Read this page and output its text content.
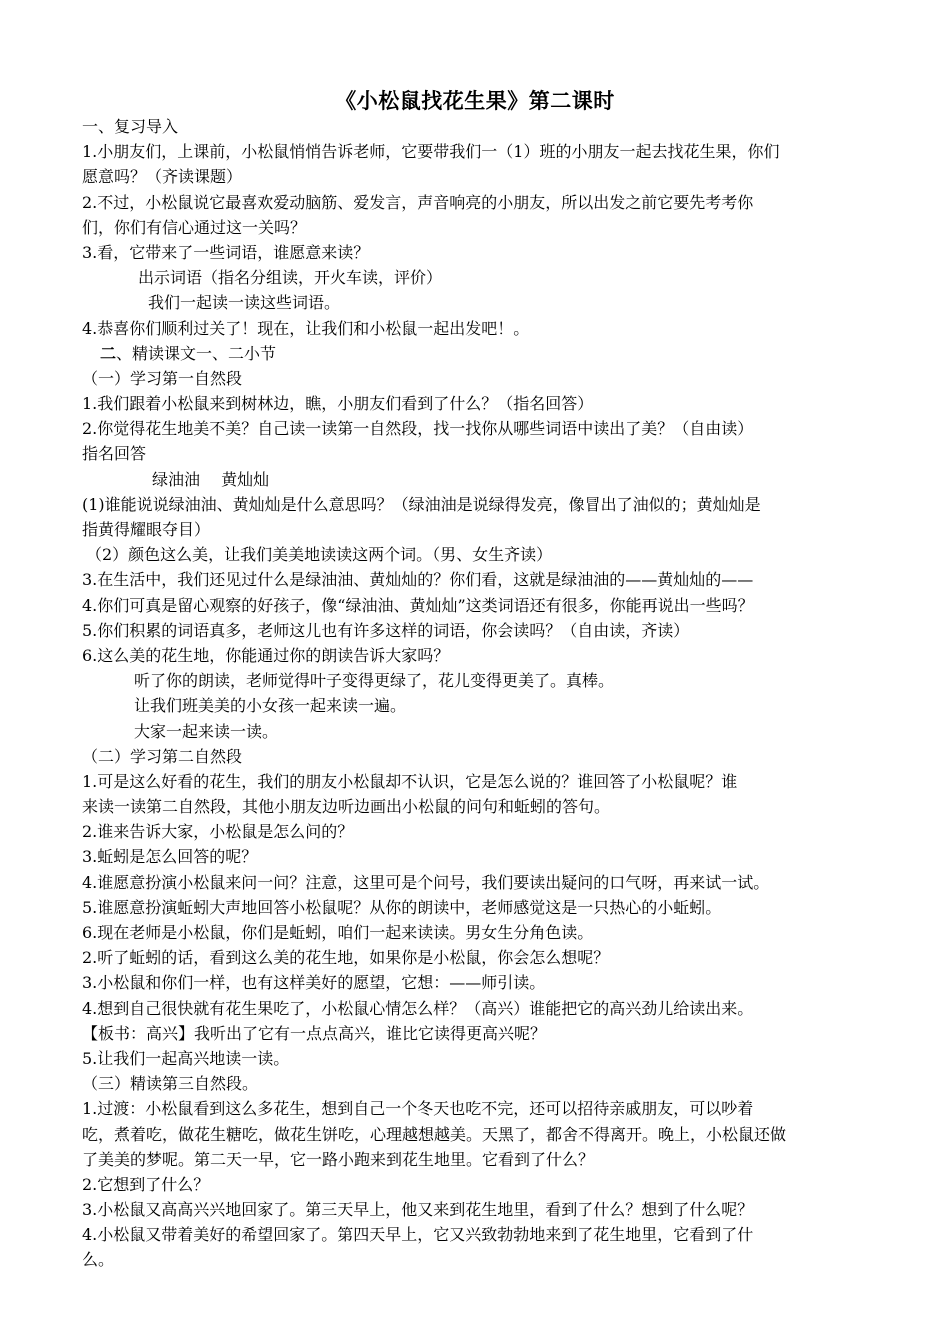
《小松鼠找花生果》第二课时
一、复习导入
1.小朋友们，上课前，小松鼠悄悄告诉老师，它要带我们一（1）班的小朋友一起去找花生果，你们
愿意吗？（齐读课题）
2.不过，小松鼠说它最喜欢爱动脑筋、爱发言，声音响亮的小朋友，所以出发之前它要先考考你
们，你们有信心通过这一关吗？
3.看，它带来了一些词语，谁愿意来读？
出示词语（指名分组读，开火车读，评价）
我们一起读一读这些词语。
4.恭喜你们顺利过关了！现在，让我们和小松鼠一起出发吧！。
二、精读课文一、二小节
（一）学习第一自然段
1.我们跟着小松鼠来到树林边，瞧，小朋友们看到了什么？（指名回答）
2.你觉得花生地美不美？自己读一读第一自然段，找一找你从哪些词语中读出了美？（自由读）
指名回答
绿油油　 黄灿灿
(1)谁能说说绿油油、黄灿灿是什么意思吗？（绿油油是说绿得发亮，像冒出了油似的；黄灿灿是
指黄得耀眼夺目）
（2）颜色这么美，让我们美美地读读这两个词。（男、女生齐读）
3.在生活中，我们还见过什么是绿油油、黄灿灿的？你们看，这就是绿油油的——黄灿灿的——
4.你们可真是留心观察的好孩子，像“绿油油、黄灿灿”这类词语还有很多，你能再说出一些吗？
5.你们积累的词语真多，老师这儿也有许多这样的词语，你会读吗？（自由读，齐读）
6.这么美的花生地，你能通过你的朗读告诉大家吗？
听了你的朗读，老师觉得叶子变得更绿了，花儿变得更美了。真棒。
让我们班美美的小女孩一起来读一遍。
大家一起来读一读。
（二）学习第二自然段
1.可是这么好看的花生，我们的朋友小松鼠却不认识，它是怎么说的？谁回答了小松鼠呢？谁
来读一读第二自然段，其他小朋友边听边画出小松鼠的问句和蚯蚓的答句。
2.谁来告诉大家，小松鼠是怎么问的？
3.蚯蚓是怎么回答的呢？
4.谁愿意扮演小松鼠来问一问？注意，这里可是个问号，我们要读出疑问的口气呀，再来试一试。
5.谁愿意扮演蚯蚓大声地回答小松鼠呢？从你的朗读中，老师感觉这是一只热心的小蚯蚓。
6.现在老师是小松鼠，你们是蚯蚓，咱们一起来读读。男女生分角色读。
2.听了蚯蚓的话，看到这么美的花生地，如果你是小松鼠，你会怎么想呢？
3.小松鼠和你们一样，也有这样美好的愿望，它想：——师引读。
4.想到自己很快就有花生果吃了，小松鼠心情怎么样？（高兴）谁能把它的高兴劲儿给读出来。
【板书：高兴】我听出了它有一点点高兴，谁比它读得更高兴呢？
5.让我们一起高兴地读一读。
（三）精读第三自然段。
1.过渡：小松鼠看到这么多花生，想到自己一个冬天也吃不完，还可以招待亲戚朋友，可以吵着
吃，煮着吃，做花生糖吃，做花生饼吃，心理越想越美。天黑了，都舍不得离开。晚上，小松鼠还做
了美美的梦呢。第二天一早，它一路小跑来到花生地里。它看到了什么？
2.它想到了什么？
3.小松鼠又高高兴兴地回家了。第三天早上，他又来到花生地里，看到了什么？想到了什么呢？
4.小松鼠又带着美好的希望回家了。第四天早上，它又兴致勃勃地来到了花生地里，它看到了什
么。
